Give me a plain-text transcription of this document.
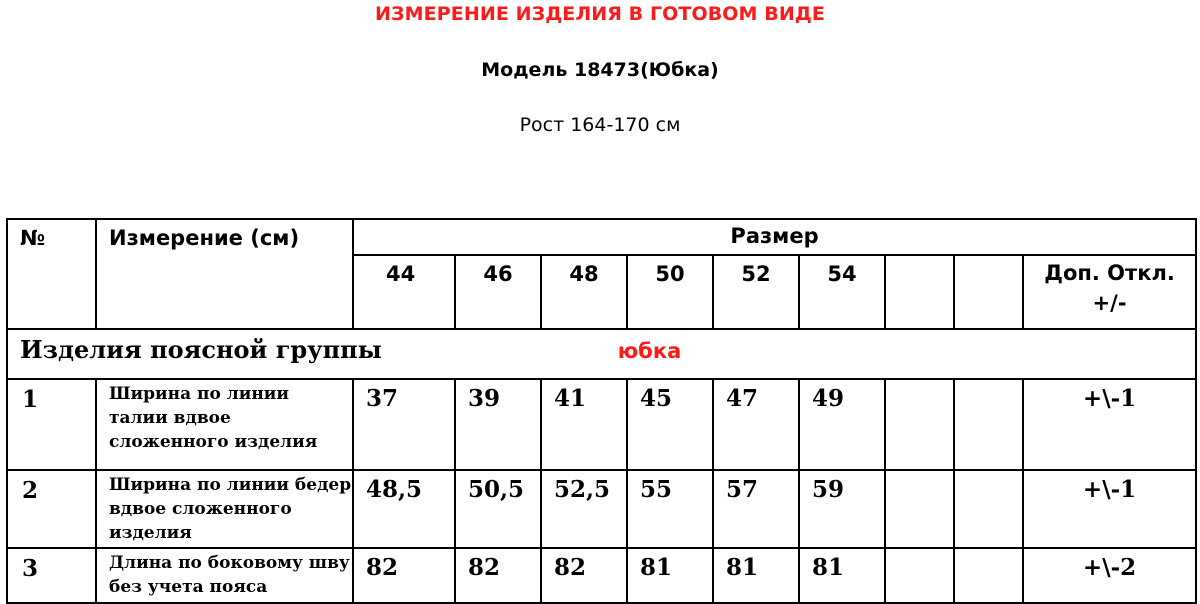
ИЗМЕРЕНИЕ ИЗДЕЛИЯ В ГОТОВОМ ВИДЕ
Модель 18473(Юбка)
Рост 164-170 см
№	Измерение (см)	Размер								
		44	46	48	50	52	54			Доп. Откл.
+/-

Изделия поясной группы юбка										
1	Ширина по линии талии вдвое сложенного изделия	37	39	41	45	47	49			+\-1
2	Ширина по линии бедер вдвое сложенного изделия	48,5	50,5	52,5	55	57	59			+\-1
3	Длина по боковому шву без учета пояса	82	82	82	81	81	81			+\-2
